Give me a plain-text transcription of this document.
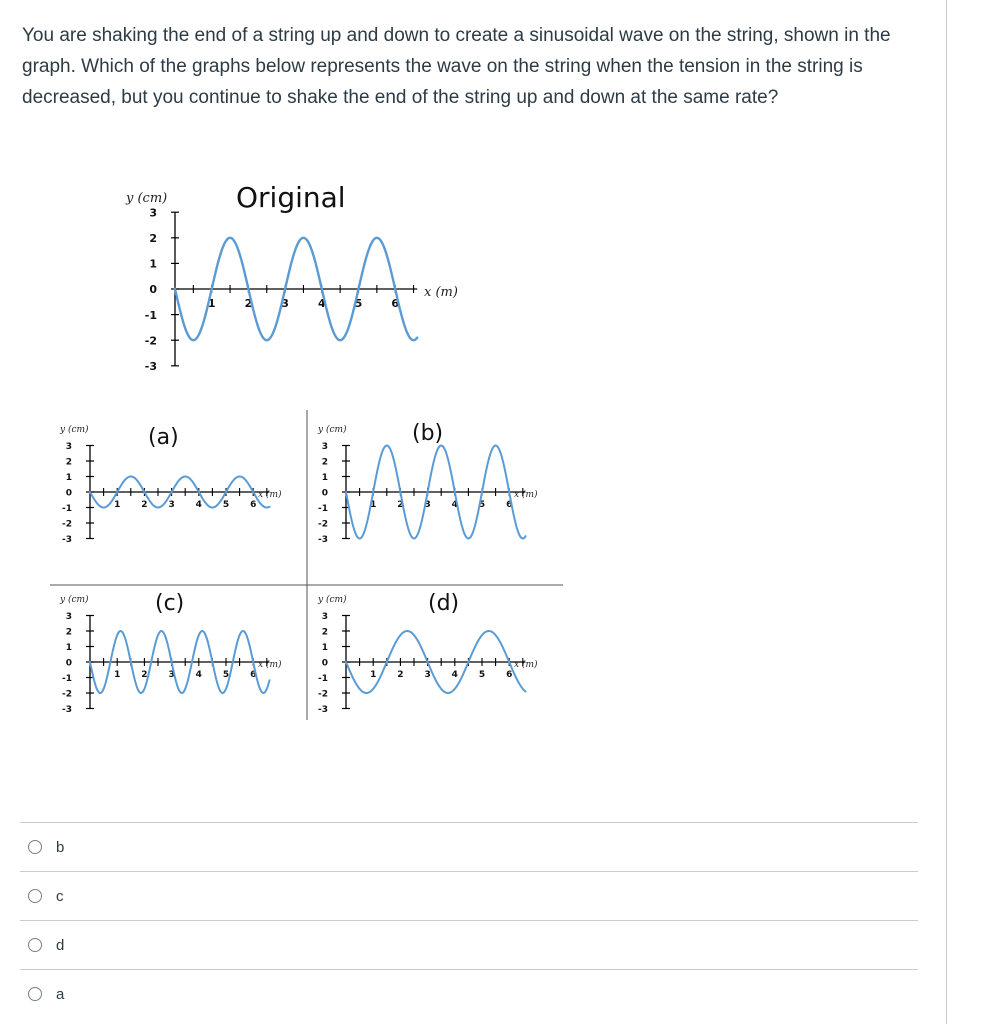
You are shaking the end of a string up and down to create a sinusoidal wave on the string, shown in the graph. Which of the graphs below represents the wave on the string when the tension in the string is decreased, but you continue to shake the end of the string up and down at the same rate?
Original
y (cm)
x (m)
3
2
1
0
-1
-2
-3
1	2	3	4	5	6
(a)
y (cm)
x (m)
3
2
1
0
-1
-2
-3
1 2 3 4 5 6
(b)
y (cm)
x (m)
3
2
1
0
-1
-2
-3
1 2 3 4 5 6
(c)
y (cm)
x (m)
3
2
1
0
-1
-2
-3
1 2 3 4 5 6
(d)
y (cm)
x (m)
3
2
1
0
-1
-2
-3
1 2 3 4 5 6
b
c
d
a
